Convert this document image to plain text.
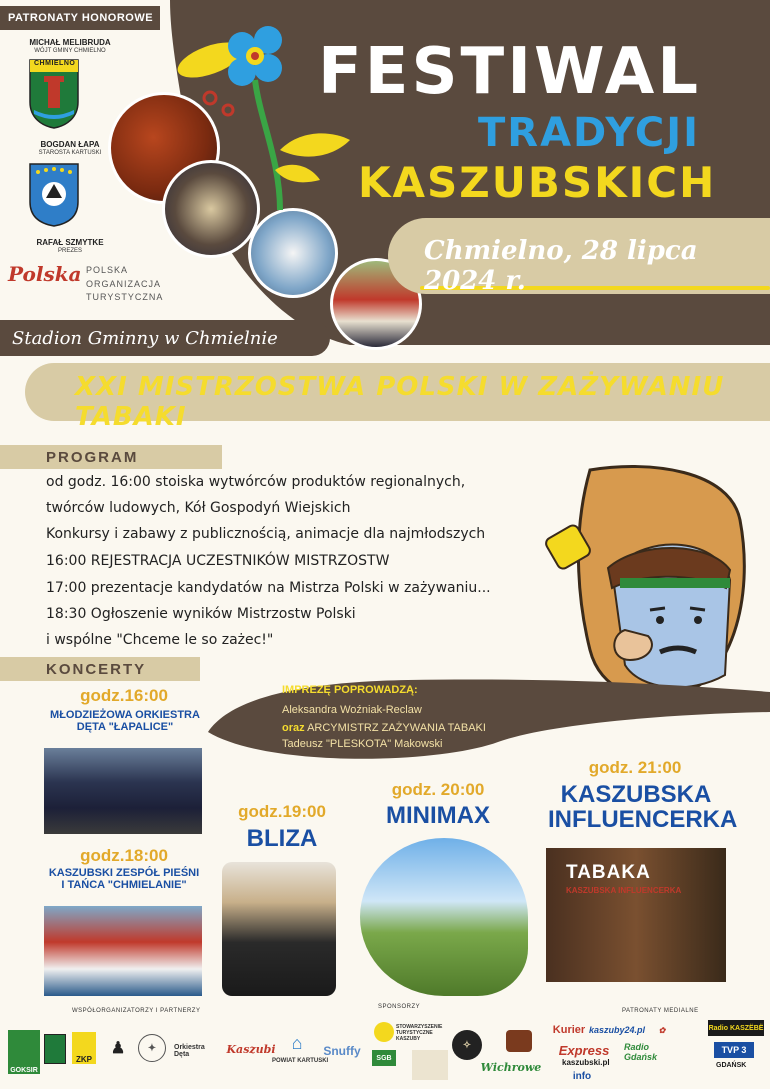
PATRONATY HONOROWE
MICHAŁ MELIBRUDA
WÓJT GMINY CHMIELNO
CHMIELNO
BOGDAN ŁAPA
STAROSTA KARTUSKI
RAFAŁ SZMYTKE
PREZES
Polska POLSKA
ORGANIZACJA
TURYSTYCZNA
FESTIWAL
TRADYCJI
KASZUBSKICH
Chmielno, 28 lipca 2024 r.
Stadion Gminny w Chmielnie
XXI MISTRZOSTWA POLSKI W ZAŻYWANIU TABAKI
PROGRAM
od godz. 16:00 stoiska wytwórców produktów regionalnych,
twórców ludowych, Kół Gospodyń Wiejskich
Konkursy i zabawy z publicznością, animacje dla najmłodszych
16:00 REJESTRACJA UCZESTNIKÓW MISTRZOSTW
17:00 prezentacje kandydatów na Mistrza Polski w zażywaniu...
18:30 Ogłoszenie wyników Mistrzostw Polski
i wspólne "Chceme le so zażec!"
KONCERTY
IMPREZĘ POPROWADZĄ:
Aleksandra Woźniak-Reclaw
oraz ARCYMISTRZ ZAŻYWANIA TABAKI
Tadeusz "PLESKOTA" Makowski
godz.16:00
MŁODZIEŻOWA ORKIESTRA
DĘTA "ŁAPALICE"
godz.18:00
KASZUBSKI ZESPÓŁ PIEŚNI
I TAŃCA "CHMIELANIE"
godz.19:00
BLIZA
godz. 20:00
MINIMAX
godz. 21:00
KASZUBSKA
INFLUENCERKA
TABAKA
KASZUBSKA INFLUENCERKA
WSPÓŁORGANIZATORZY I PARTNERZY
SPONSORZY
PATRONATY MEDIALNE
GOKSIR
ZKP
♟	✦	Orkiestra Dęta	Kaszubi ⌂
POWIAT KARTUSKI
Snuffy
STOWARZYSZENIE TURYSTYCZNE KASZUBY
SGB
✧
Wichrowe
Kurier kaszuby24.pl	✿	Radio KASZËBË
Express
kaszubski.pl
Radio Gdańsk
TVP 3
GDAŃSK
info
